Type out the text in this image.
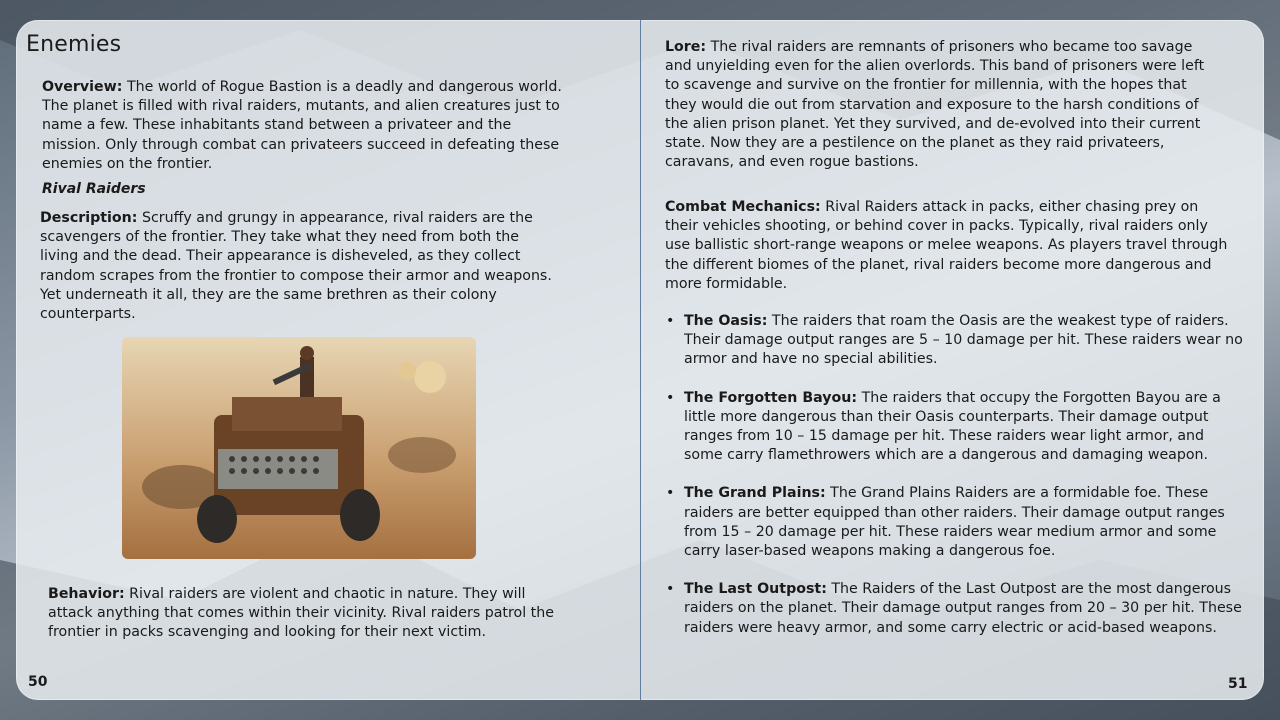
Enemies
Overview: The world of Rogue Bastion is a deadly and dangerous world. The planet is filled with rival raiders, mutants, and alien creatures just to name a few. These inhabitants stand between a privateer and the mission. Only through combat can privateers succeed in defeating these enemies on the frontier.
Rival Raiders
Description: Scruffy and grungy in appearance, rival raiders are the scavengers of the frontier. They take what they need from both the living and the dead. Their appearance is disheveled, as they collect random scrapes from the frontier to compose their armor and weapons. Yet underneath it all, they are the same brethren as their colony counterparts.
Behavior: Rival raiders are violent and chaotic in nature. They will attack anything that comes within their vicinity. Rival raiders patrol the frontier in packs scavenging and looking for their next victim.
50
Lore: The rival raiders are remnants of prisoners who became too savage and unyielding even for the alien overlords. This band of prisoners were left to scavenge and survive on the frontier for millennia, with the hopes that they would die out from starvation and exposure to the harsh conditions of the alien prison planet. Yet they survived, and de-evolved into their current state. Now they are a pestilence on the planet as they raid privateers, caravans, and even rogue bastions.
Combat Mechanics: Rival Raiders attack in packs, either chasing prey on their vehicles shooting, or behind cover in packs. Typically, rival raiders only use ballistic short-range weapons or melee weapons. As players travel through the different biomes of the planet, rival raiders become more dangerous and more formidable.
• The Oasis: The raiders that roam the Oasis are the weakest type of raiders. Their damage output ranges are 5 – 10 damage per hit. These raiders wear no armor and have no special abilities.
• The Forgotten Bayou: The raiders that occupy the Forgotten Bayou are a little more dangerous than their Oasis counterparts. Their damage output ranges from 10 – 15 damage per hit. These raiders wear light armor, and some carry flamethrowers which are a dangerous and damaging weapon.
• The Grand Plains: The Grand Plains Raiders are a formidable foe. These raiders are better equipped than other raiders. Their damage output ranges from 15 – 20 damage per hit. These raiders wear medium armor and some carry laser-based weapons making a dangerous foe.
• The Last Outpost: The Raiders of the Last Outpost are the most dangerous raiders on the planet. Their damage output ranges from 20 – 30 per hit. These raiders were heavy armor, and some carry electric or acid-based weapons.
51
